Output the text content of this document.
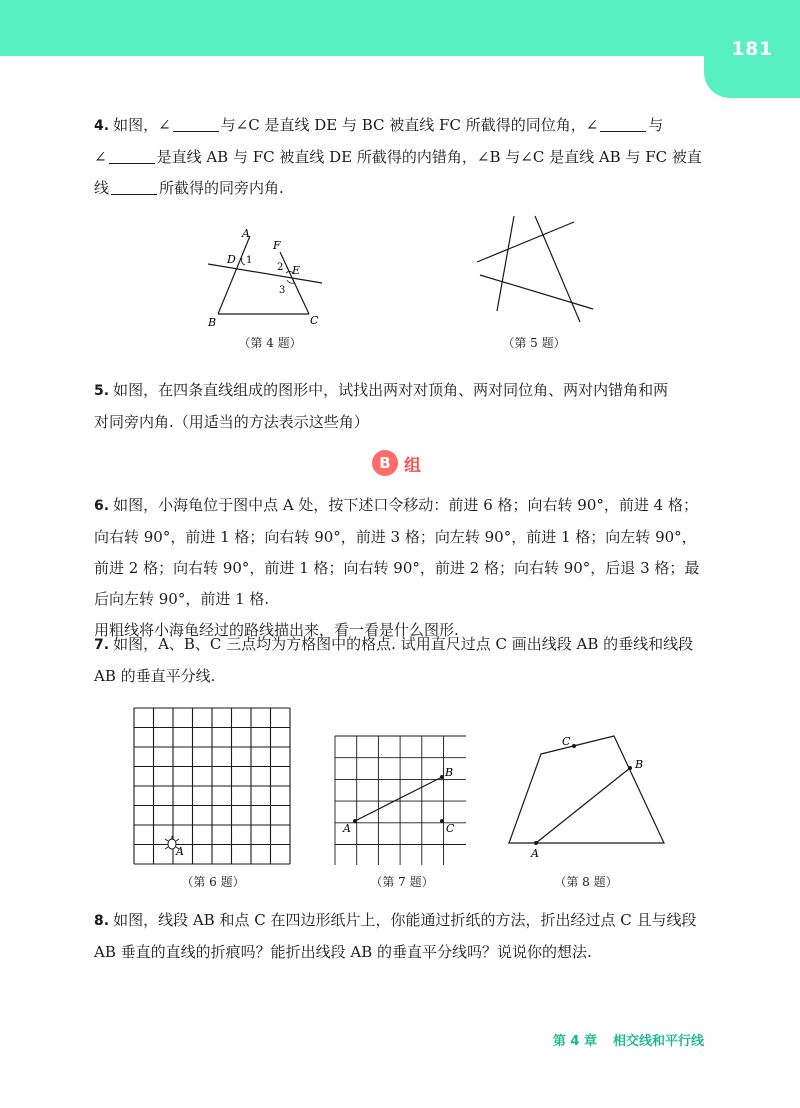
181
4. 如图，∠	与∠C 是直线 DE 与 BC 被直线 FC 所截得的同位角，∠	与
∠	是直线 AB 与 FC 被直线 DE 所截得的内错角，∠B 与∠C 是直线 AB 与 FC 被直
线	所截得的同旁内角.
A
F
D 1
2 E
3
B	C
（第 4 题）	（第 5 题）
5. 如图，在四条直线组成的图形中，试找出两对对顶角、两对同位角、两对内错角和两
对同旁内角.（用适当的方法表示这些角）
B 组
6. 如图，小海龟位于图中点 A 处，按下述口令移动：前进 6 格；向右转 90°，前进 4 格；
向右转 90°，前进 1 格；向右转 90°，前进 3 格；向左转 90°，前进 1 格；向左转 90°，
前进 2 格；向右转 90°，前进 1 格；向右转 90°，前进 2 格；向右转 90°，后退 3 格；最
后向左转 90°，前进 1 格.
用粗线将小海龟经过的路线描出来，看一看是什么图形.
7. 如图，A、B、C 三点均为方格图中的格点. 试用直尺过点 C 画出线段 AB 的垂线和线段
AB 的垂直平分线.
A
（第 6 题）
A
B
C
（第 7 题）
A
B
C
（第 8 题）
8. 如图，线段 AB 和点 C 在四边形纸片上，你能通过折纸的方法，折出经过点 C 且与线段
AB 垂直的直线的折痕吗？能折出线段 AB 的垂直平分线吗？说说你的想法.
第 4 章 相交线和平行线
